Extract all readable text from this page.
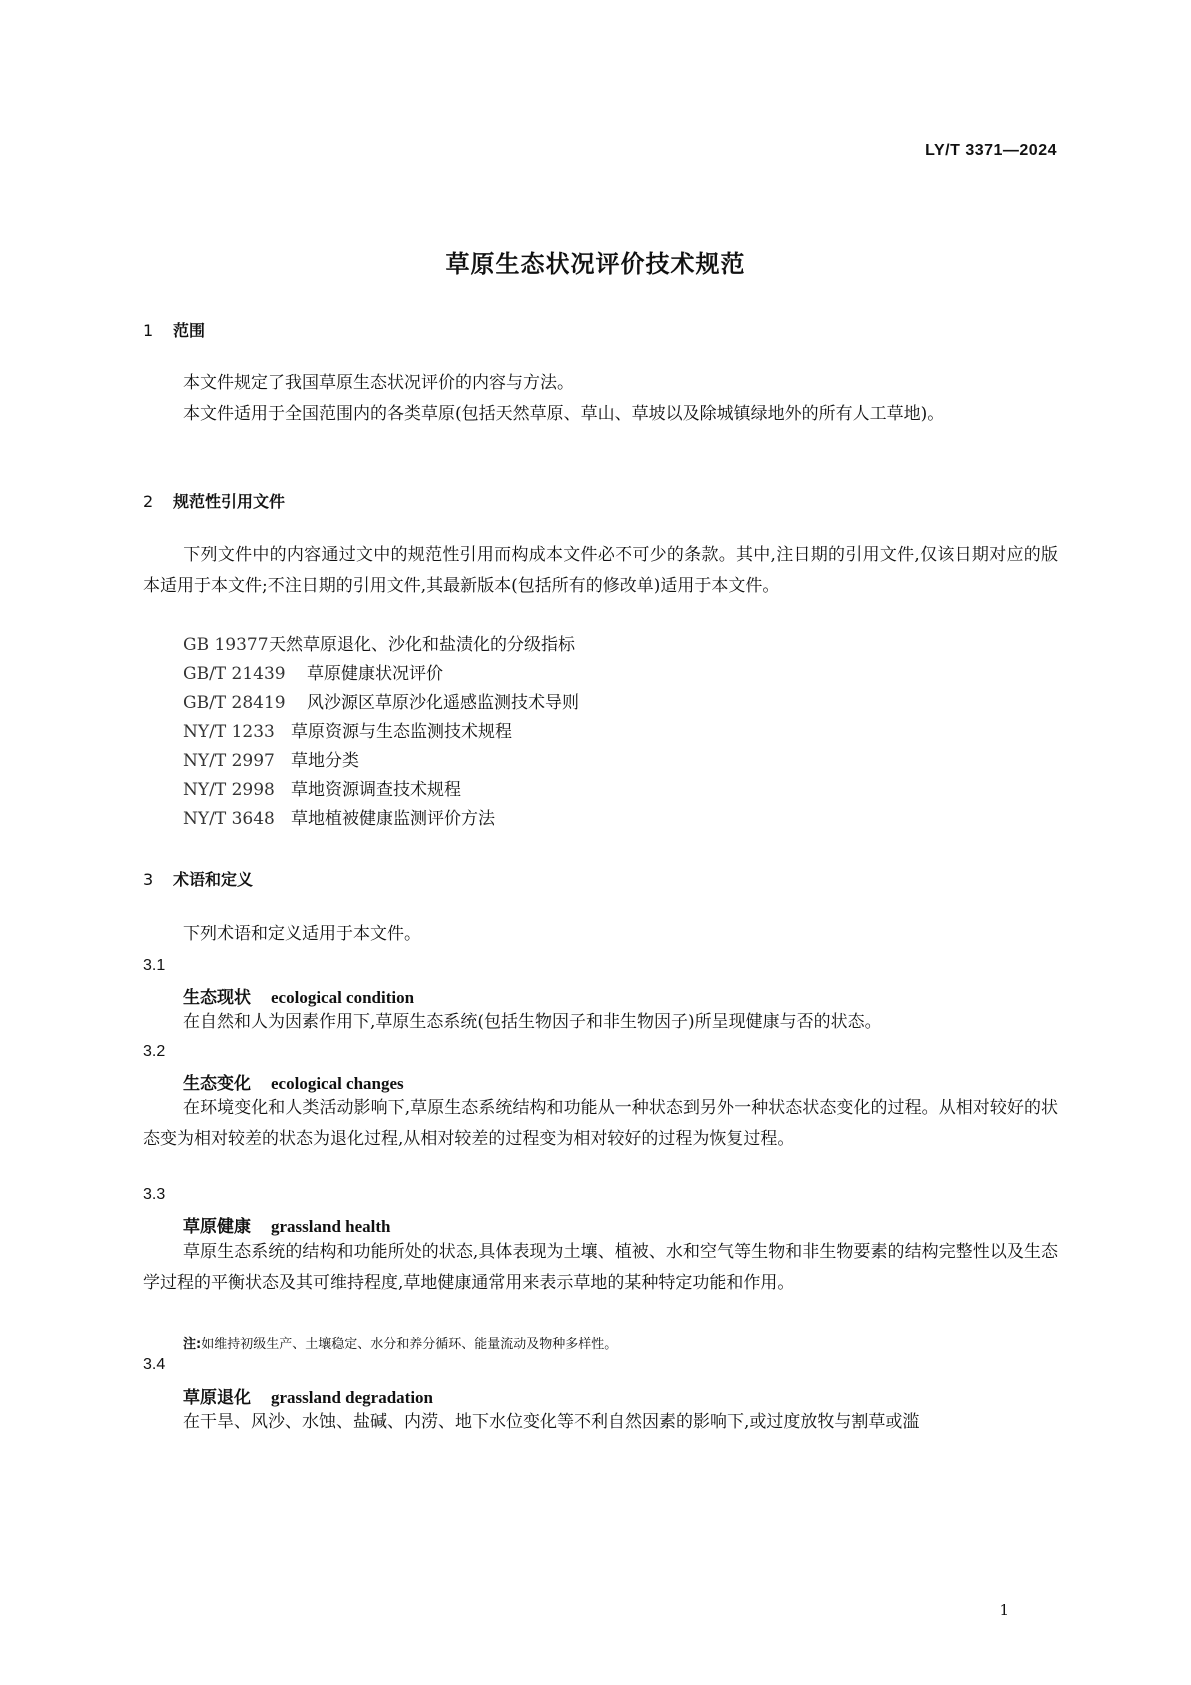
LY/T 3371—2024
草原生态状况评价技术规范
1 范围
本文件规定了我国草原生态状况评价的内容与方法。
本文件适用于全国范围内的各类草原(包括天然草原、草山、草坡以及除城镇绿地外的所有人工草地)。
2 规范性引用文件
下列文件中的内容通过文中的规范性引用而构成本文件必不可少的条款。其中,注日期的引用文件,仅该日期对应的版本适用于本文件;不注日期的引用文件,其最新版本(包括所有的修改单)适用于本文件。
GB 19377天然草原退化、沙化和盐渍化的分级指标
GB/T 21439 草原健康状况评价
GB/T 28419 风沙源区草原沙化遥感监测技术导则
NY/T 1233 草原资源与生态监测技术规程
NY/T 2997 草地分类
NY/T 2998 草地资源调查技术规程
NY/T 3648 草地植被健康监测评价方法
3 术语和定义
下列术语和定义适用于本文件。
3.1
生态现状 ecological condition
在自然和人为因素作用下,草原生态系统(包括生物因子和非生物因子)所呈现健康与否的状态。
3.2
生态变化 ecological changes
在环境变化和人类活动影响下,草原生态系统结构和功能从一种状态到另外一种状态状态变化的过程。从相对较好的状态变为相对较差的状态为退化过程,从相对较差的过程变为相对较好的过程为恢复过程。
3.3
草原健康 grassland health
草原生态系统的结构和功能所处的状态,具体表现为土壤、植被、水和空气等生物和非生物要素的结构完整性以及生态学过程的平衡状态及其可维持程度,草地健康通常用来表示草地的某种特定功能和作用。
注:如维持初级生产、土壤稳定、水分和养分循环、能量流动及物种多样性。
3.4
草原退化 grassland degradation
在干旱、风沙、水蚀、盐碱、内涝、地下水位变化等不利自然因素的影响下,或过度放牧与割草或滥
1
